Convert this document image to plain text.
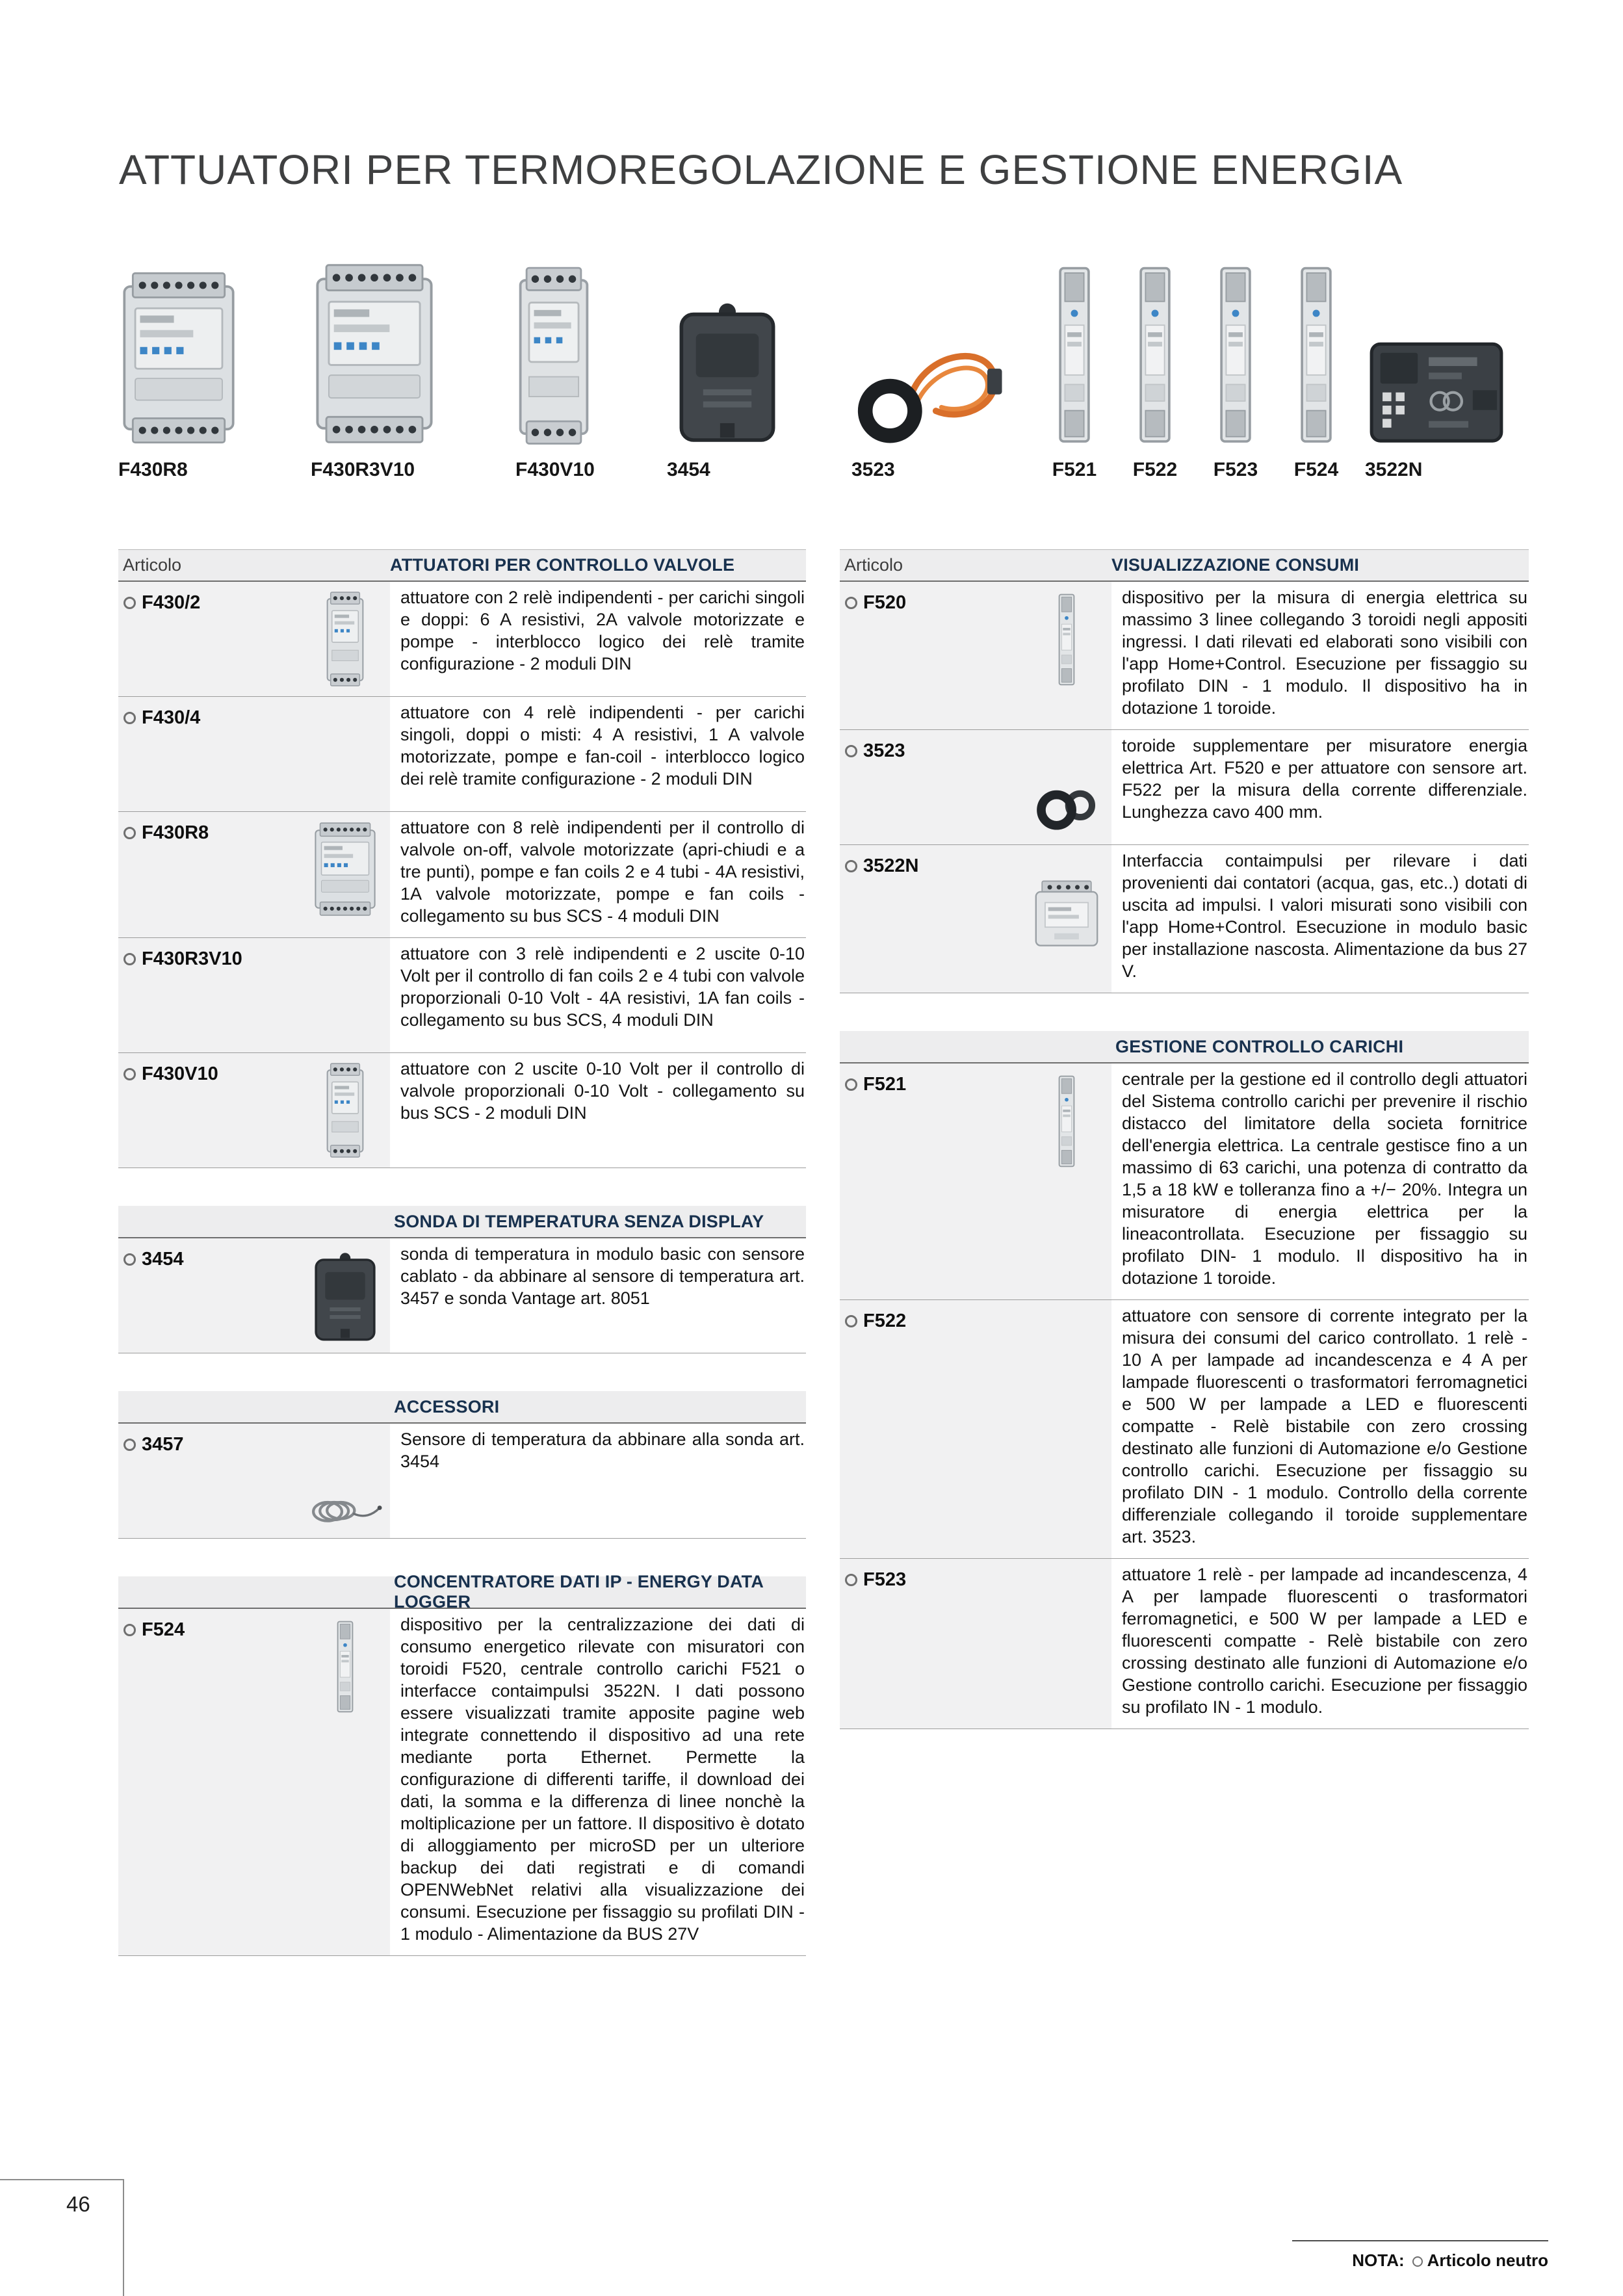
ATTUATORI PER TERMOREGOLAZIONE E GESTIONE ENERGIA
F430R8	F430R3V10	F430V10	3454	3523	F521	F522	F523	F524	3522N
Articolo	ATTUATORI PER CONTROLLO VALVOLE
F430/2	attuatore con 2 relè indipendenti - per carichi singoli e doppi: 6 A resistivi, 2A valvole motorizzate e pompe - interblocco logico dei relè tramite configurazione - 2 moduli DIN
F430/4	attuatore con 4 relè indipendenti - per carichi singoli, doppi o misti: 4 A resistivi, 1 A valvole motorizzate, pompe e fan-coil - interblocco logico dei relè tramite configurazione - 2 moduli DIN
F430R8	attuatore con 8 relè indipendenti per il controllo di valvole on-off, valvole motorizzate (apri-chiudi e a tre punti), pompe e fan coils 2 e 4 tubi - 4A resistivi, 1A valvole motorizzate, pompe e fan coils - collegamento su bus SCS - 4 moduli DIN
F430R3V10	attuatore con 3 relè indipendenti e 2 uscite 0-10 Volt per il controllo di fan coils 2 e 4 tubi con valvole proporzionali 0-10 Volt - 4A resistivi, 1A fan coils - collegamento su bus SCS, 4 moduli DIN
F430V10	attuatore con 2 uscite 0-10 Volt per il controllo di valvole proporzionali 0-10 Volt - collegamento su bus SCS - 2 moduli DIN
SONDA DI TEMPERATURA SENZA DISPLAY
3454	sonda di temperatura in modulo basic con sensore cablato - da abbinare al sensore di temperatura art. 3457 e sonda Vantage art. 8051
ACCESSORI
3457	Sensore di temperatura da abbinare alla sonda art. 3454
CONCENTRATORE DATI IP - ENERGY DATA LOGGER
F524	dispositivo per la centralizzazione dei dati di consumo energetico rilevate con misuratori con toroidi F520, centrale controllo carichi F521 o interfacce contaimpulsi 3522N. I dati possono essere visualizzati tramite apposite pagine web integrate connettendo il dispositivo ad una rete mediante porta Ethernet. Permette la configurazione di differenti tariffe, il download dei dati, la somma e la differenza di linee nonchè la moltiplicazione per un fattore. Il dispositivo è dotato di alloggiamento per microSD per un ulteriore backup dei dati registrati e di comandi OPENWebNet relativi alla visualizzazione dei consumi. Esecuzione per fissaggio su profilati DIN - 1 modulo - Alimentazione da BUS 27V
Articolo	VISUALIZZAZIONE CONSUMI
F520	dispositivo per la misura di energia elettrica su massimo 3 linee collegando 3 toroidi negli appositi ingressi. I dati rilevati ed elaborati sono visibili con l'app Home+Control. Esecuzione per fissaggio su profilato DIN - 1 modulo. Il dispositivo ha in dotazione 1 toroide.
3523	toroide supplementare per misuratore energia elettrica Art. F520 e per attuatore con sensore art. F522 per la misura della corrente differenziale. Lunghezza cavo 400 mm.
3522N	Interfaccia contaimpulsi per rilevare i dati provenienti dai contatori (acqua, gas, etc..) dotati di uscita ad impulsi. I valori misurati sono visibili con l'app Home+Control. Esecuzione in modulo basic per installazione nascosta. Alimentazione da bus 27 V.
GESTIONE CONTROLLO CARICHI
F521	centrale per la gestione ed il controllo degli attuatori del Sistema controllo carichi per prevenire il rischio distacco del limitatore della societa fornitrice dell'energia elettrica. La centrale gestisce fino a un massimo di 63 carichi, una potenza di contratto da 1,5 a 18 kW e tolleranza fino a +/− 20%. Integra un misuratore di energia elettrica per la lineacontrollata. Esecuzione per fissaggio su profilato DIN- 1 modulo. Il dispositivo ha in dotazione 1 toroide.
F522	attuatore con sensore di corrente integrato per la misura dei consumi del carico controllato. 1 relè - 10 A per lampade ad incandescenza e 4 A per lampade fluorescenti o trasformatori ferromagnetici e 500 W per lampade a LED e fluorescenti compatte - Relè bistabile con zero crossing destinato alle funzioni di Automazione e/o Gestione controllo carichi. Esecuzione per fissaggio su profilato DIN - 1 modulo. Controllo della corrente differenziale collegando il toroide supplementare art. 3523.
F523	attuatore 1 relè - per lampade ad incandescenza, 4 A per lampade fluorescenti o trasformatori ferromagnetici, e 500 W per lampade a LED e fluorescenti compatte - Relè bistabile con zero crossing destinato alle funzioni di Automazione e/o Gestione controllo carichi. Esecuzione per fissaggio su profilato IN - 1 modulo.
46
NOTA: Articolo neutro
